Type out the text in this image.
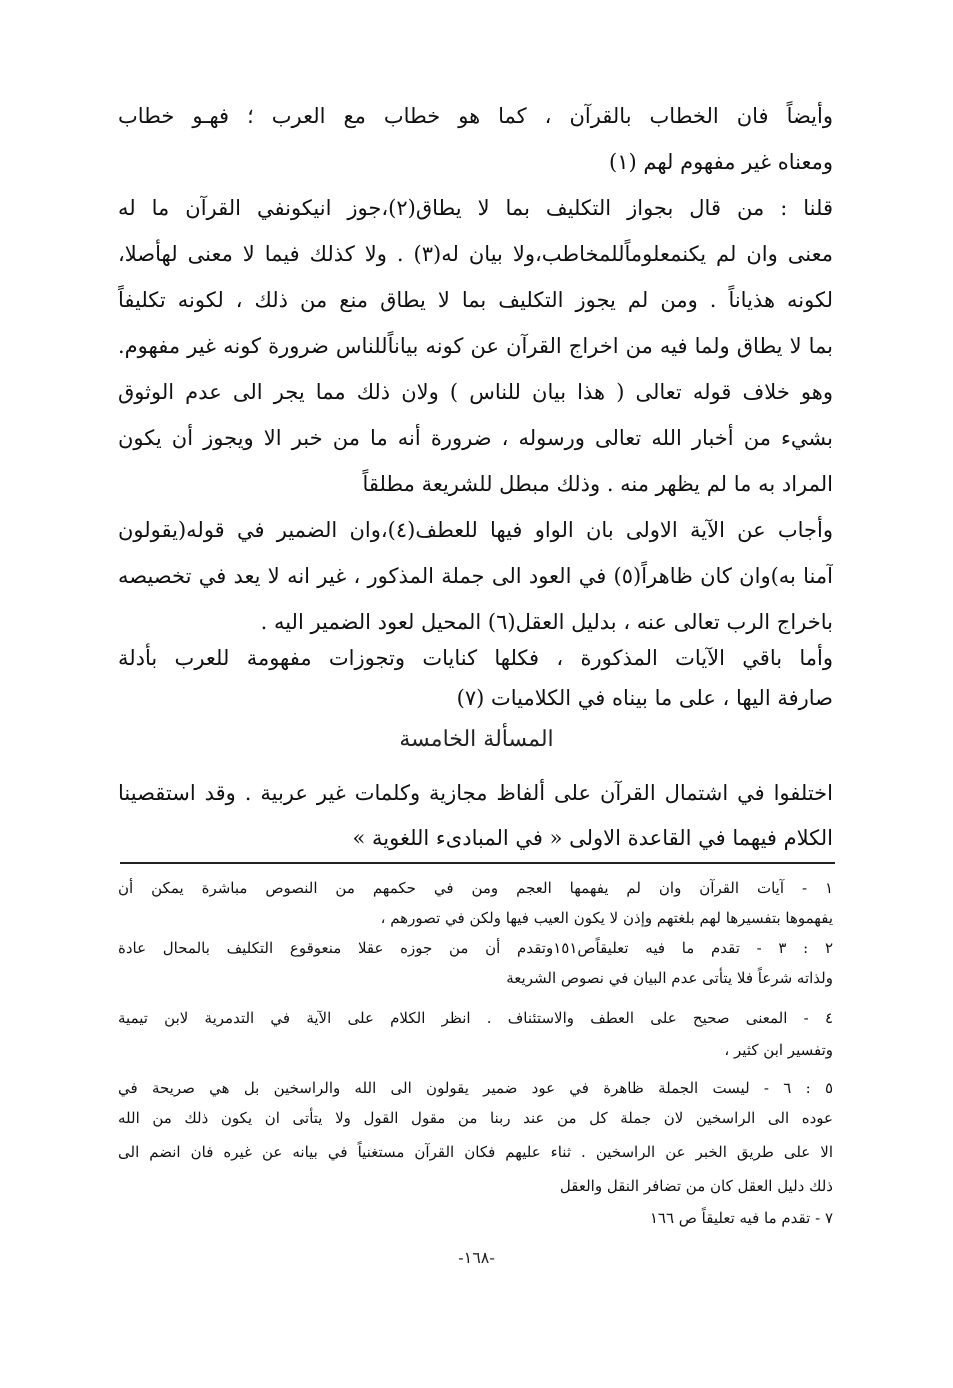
وأيضاً فان الخطاب بالقرآن ، كما هو خطاب مع العرب ؛ فهـو خطاب
ومعناه غير مفهوم لهم (١)
قلنا : من قال بجواز التكليف بما لا يطاق(٢)،جوز انيكونفي القرآن ما له
معنى وان لم يكنمعلوماًللمخاطب،ولا بيان له(٣) . ولا كذلك فيما لا معنى لهأصلا،
لكونه هذياناً . ومن لم يجوز التكليف بما لا يطاق منع من ذلك ، لكونه تكليفاً
بما لا يطاق ولما فيه من اخراج القرآن عن كونه بياناًللناس ضرورة كونه غير مفهوم.
وهو خلاف قوله تعالى ( هذا بيان للناس ) ولان ذلك مما يجر الى عدم الوثوق
بشيء من أخبار الله تعالى ورسوله ، ضرورة أنه ما من خبر الا ويجوز أن يكون
المراد به ما لم يظهر منه . وذلك مبطل للشريعة مطلقاً
وأجاب عن الآية الاولى بان الواو فيها للعطف(٤)،وان الضمير في قوله(يقولون
آمنا به)وان كان ظاهراً(٥) في العود الى جملة المذكور ، غير انه لا يعد في تخصيصه
باخراج الرب تعالى عنه ، بدليل العقل(٦) المحيل لعود الضمير اليه .
وأما باقي الآيات المذكورة ، فكلها كنايات وتجوزات مفهومة للعرب بأدلة
صارفة اليها ، على ما بيناه في الكلاميات (٧)
المسألة الخامسة
اختلفوا في اشتمال القرآن على ألفاظ مجازية وكلمات غير عربية . وقد استقصينا
الكلام فيهما في القاعدة الاولى « في المبادىء اللغوية »
١ - آيات القرآن وان لم يفهمها العجم ومن في حكمهم من النصوص مباشرة يمكن أن
يفهموها بتفسيرها لهم بلغتهم وإذن لا يكون العيب فيها ولكن في تصورهم ،
٢ : ٣ - تقدم ما فيه تعليقاًص١٥١وتقدم أن من جوزه عقلا منعوقوع التكليف بالمحال عادة
ولذاته شرعاً فلا يتأتى عدم البيان في نصوص الشريعة
٤ - المعنى صحيح على العطف والاستئناف . انظر الكلام على الآية في التدمرية لابن تيمية
وتفسير ابن كثير ،
٥ : ٦ - ليست الجملة ظاهرة في عود ضمير يقولون الى الله والراسخين بل هي صريحة في
عوده الى الراسخين لان جملة كل من عند ربنا من مقول القول ولا يتأتى ان يكون ذلك من الله
الا على طريق الخبر عن الراسخين . ثناء عليهم فكان القرآن مستغنياً في بيانه عن غيره فان انضم الى
ذلك دليل العقل كان من تضافر النقل والعقل
٧ - تقدم ما فيه تعليقاً ص ١٦٦
-١٦٨-
